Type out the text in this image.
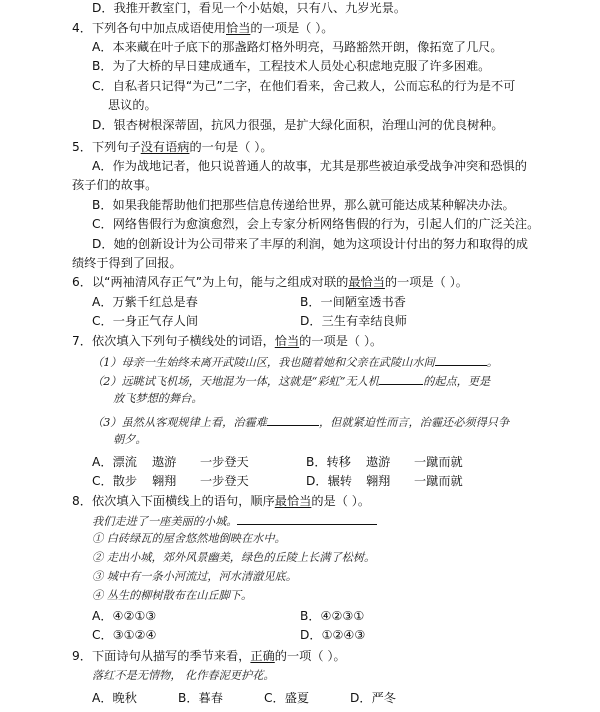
D．我推开教室门，看见一个小姑娘，只有八、九岁光景。
4．下列各句中加点成语使用恰当的一项是（ ）。
A．本来藏在叶子底下的那盏路灯格外明亮，马路豁然开朗，像拓宽了几尺。
B．为了大桥的早日建成通车，工程技术人员处心积虑地克服了许多困难。
C．自私者只记得“为己”二字，在他们看来，舍己救人，公而忘私的行为是不可
思议的。
D．银杏树根深蒂固，抗风力很强，是扩大绿化面积，治理山河的优良树种。
5．下列句子没有语病的一句是（ ）。
A．作为战地记者，他只说普通人的故事，尤其是那些被迫承受战争冲突和恐惧的
孩子们的故事。
B．如果我能帮助他们把那些信息传递给世界，那么就可能达成某种解决办法。
C．网络售假行为愈演愈烈，会上专家分析网络售假的行为，引起人们的广泛关注。
D．她的创新设计为公司带来了丰厚的利润，她为这项设计付出的努力和取得的成
绩终于得到了回报。
6．以“两袖清风存正气”为上句，能与之组成对联的最恰当的一项是（ ）。
A．万紫千红总是春	B．一间陋室透书香
C．一身正气存人间	D．三生有幸结良师
7．依次填入下列句子横线处的词语，恰当的一项是（ ）。
（1）母亲一生始终未离开武陵山区，我也随着她和父亲在武陵山水间	。
（2）远眺试飞机场，天地混为一体，这就是“彩虹”无人机	的起点，更是
放飞梦想的舞台。
（3）虽然从客观规律上看，治霾难	，但就紧迫性而言，治霾还必须得只争
朝夕。
A．漂流	遨游	一步登天	B．转移	遨游	一蹴而就
C．散步	翱翔	一步登天	D．辗转	翱翔	一蹴而就
8．依次填入下面横线上的语句，顺序最恰当的是（ ）。
我们走进了一座美丽的小城。
① 白砖绿瓦的屋舍悠然地倒映在水中。
② 走出小城，郊外风景幽美，绿色的丘陵上长满了松树。
③ 城中有一条小河流过，河水清澈见底。
④ 丛生的柳树散布在山丘脚下。
A．④②①③	B．④②③①
C．③①②④	D．①②④③
9．下面诗句从描写的季节来看，正确的一项（ ）。
落红不是无情物， 化作春泥更护花。
A．晚秋	B．暮春	C．盛夏	D．严冬
